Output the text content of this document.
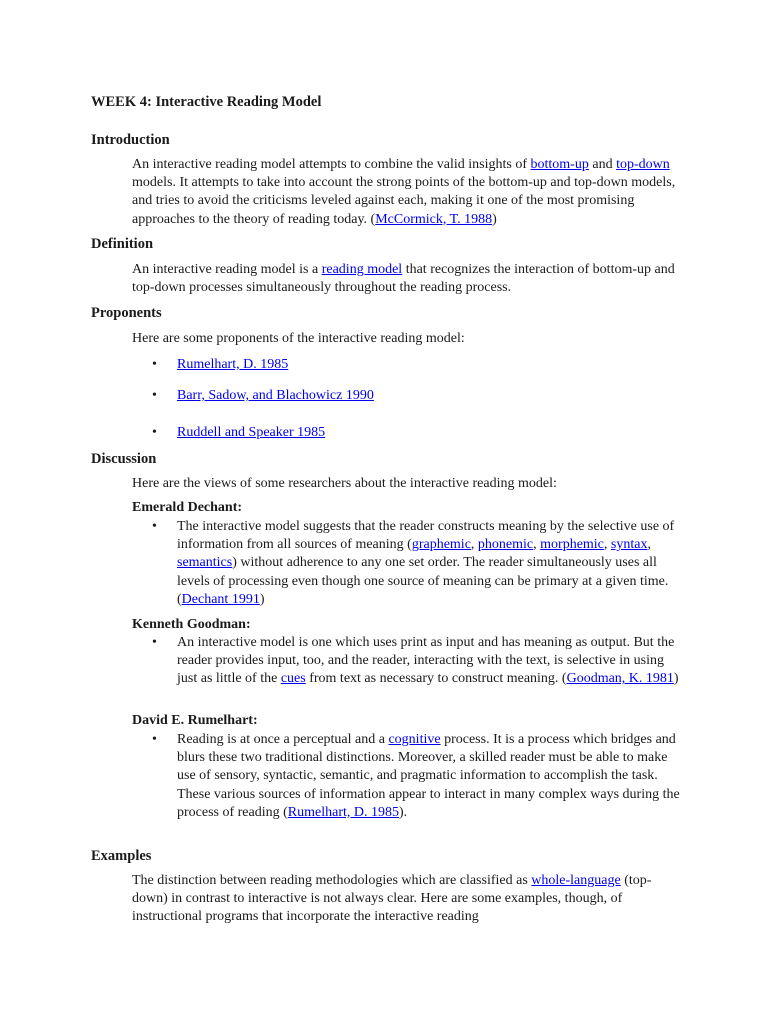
WEEK 4: Interactive Reading Model

Introduction

An interactive reading model attempts to combine the valid insights of bottom-up and top-down models. It attempts to take into account the strong points of the bottom-up and top-down models, and tries to avoid the criticisms leveled against each, making it one of the most promising approaches to the theory of reading today. (McCormick, T. 1988)

Definition

An interactive reading model is a reading model that recognizes the interaction of bottom-up and top-down processes simultaneously throughout the reading process.

Proponents

Here are some proponents of the interactive reading model:

• Rumelhart, D. 1985
• Barr, Sadow, and Blachowicz 1990
• Ruddell and Speaker 1985
Discussion

Here are the views of some researchers about the interactive reading model:

Emerald Dechant:

• The interactive model suggests that the reader constructs meaning by the selective use of information from all sources of meaning (graphemic, phonemic, morphemic, syntax, semantics) without adherence to any one set order. The reader simultaneously uses all levels of processing even though one source of meaning can be primary at a given time. (Dechant 1991)

Kenneth Goodman:

• An interactive model is one which uses print as input and has meaning as output. But the reader provides input, too, and the reader, interacting with the text, is selective in using just as little of the cues from text as necessary to construct meaning. (Goodman, K. 1981)

David E. Rumelhart:

• Reading is at once a perceptual and a cognitive process. It is a process which bridges and blurs these two traditional distinctions. Moreover, a skilled reader must be able to make use of sensory, syntactic, semantic, and pragmatic information to accomplish the task. These various sources of information appear to interact in many complex ways during the process of reading (Rumelhart, D. 1985).
Examples

The distinction between reading methodologies which are classified as whole-language (top-down) in contrast to interactive is not always clear. Here are some examples, though, of instructional programs that incorporate the interactive reading
